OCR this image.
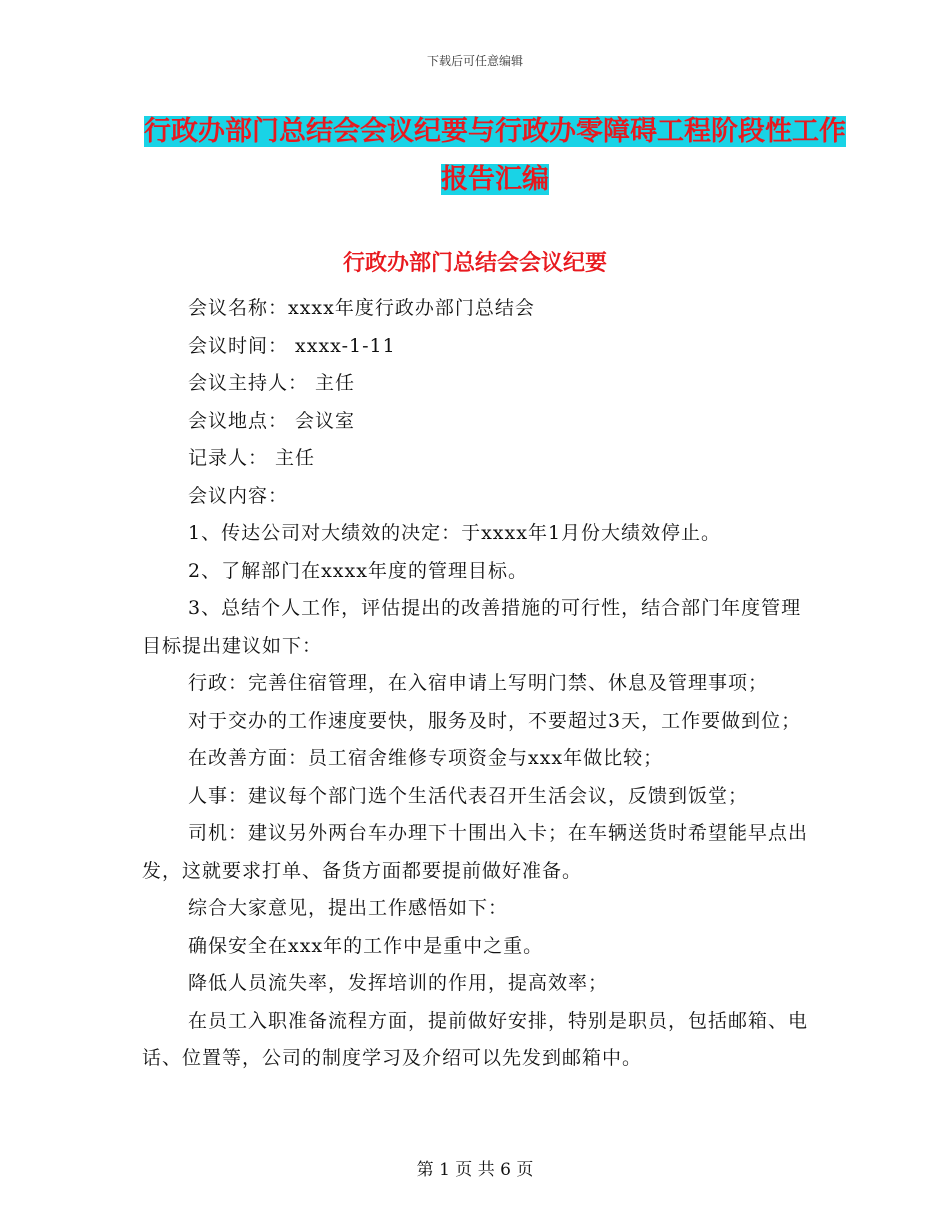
下载后可任意编辑
行政办部门总结会会议纪要与行政办零障碍工程阶段性工作报告汇编
行政办部门总结会会议纪要

会议名称：xxxx年度行政办部门总结会

会议时间： xxxx-1-11

会议主持人： 主任

会议地点： 会议室

记录人： 主任

会议内容：

1、传达公司对大绩效的决定：于xxxx年1月份大绩效停止。

2、了解部门在xxxx年度的管理目标。

3、总结个人工作，评估提出的改善措施的可行性，结合部门年度管理目标提出建议如下：

行政：完善住宿管理，在入宿申请上写明门禁、休息及管理事项；

对于交办的工作速度要快，服务及时，不要超过3天，工作要做到位；

在改善方面：员工宿舍维修专项资金与xxx年做比较；

人事：建议每个部门选个生活代表召开生活会议，反馈到饭堂；

司机：建议另外两台车办理下十围出入卡；在车辆送货时希望能早点出发，这就要求打单、备货方面都要提前做好准备。

综合大家意见，提出工作感悟如下：

确保安全在xxx年的工作中是重中之重。

降低人员流失率，发挥培训的作用，提高效率；

在员工入职准备流程方面，提前做好安排，特别是职员，包括邮箱、电话、位置等，公司的制度学习及介绍可以先发到邮箱中。

第 1 页 共 6 页
